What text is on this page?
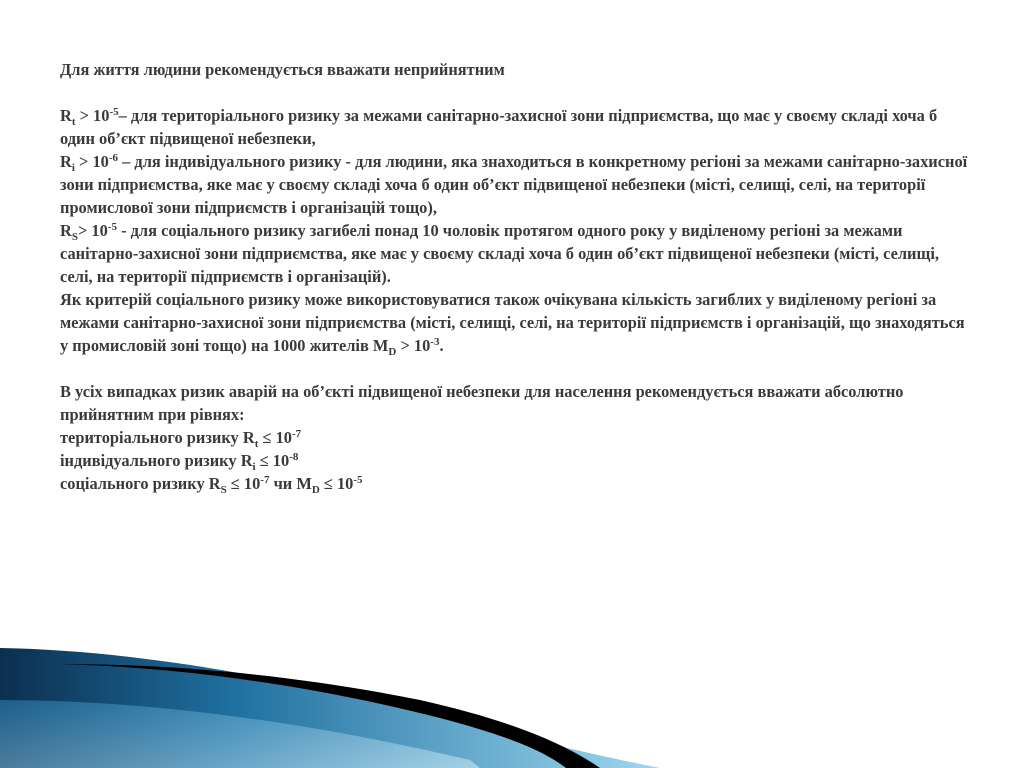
Для життя людини рекомендується вважати неприйнятним

$R_t > 10^{-5}-$ для територіального ризику за межами санітарно-захисної зони підприємства, що має у своєму складі хоча б один об’єкт підвищеної небезпеки,

$R_i > 10^{-6}$ – для індивідуального ризику - для людини, яка знаходиться в конкретному регіоні за межами санітарно-захисної зони підприємства, яке має у своєму складі хоча б один об’єкт підвищеної небезпеки (місті, селищі, селі, на території промислової зони підприємств і організацій тощо),

$R_S> 10^{-5}$ - для соціального ризику загибелі понад 10 чоловік протягом одного року у виділеному регіоні за межами санітарно-захисної зони підприємства, яке має у своєму складі хоча б один об’єкт підвищеної небезпеки (місті, селищі, селі, на території підприємств і організацій).

Як критерій соціального ризику може використовуватися також очікувана кількість загиблих у виділеному регіоні за межами санітарно-захисної зони підприємства (місті, селищі, селі, на території підприємств і організацій, що знаходяться у промисловій зоні тощо) на 1000 жителів $M_D > 10^{-3}$.

В усіх випадках ризик аварій на об’єкті підвищеної небезпеки для населення рекомендується вважати абсолютно прийнятним при рівнях:

територіального ризику $R_t \le 10^{-7}$

індивідуального ризику $R_i \le 10^{-8}$

соціального ризику $R_S \le 10^{-7}$ чи $M_D \le 10^{-5}$
